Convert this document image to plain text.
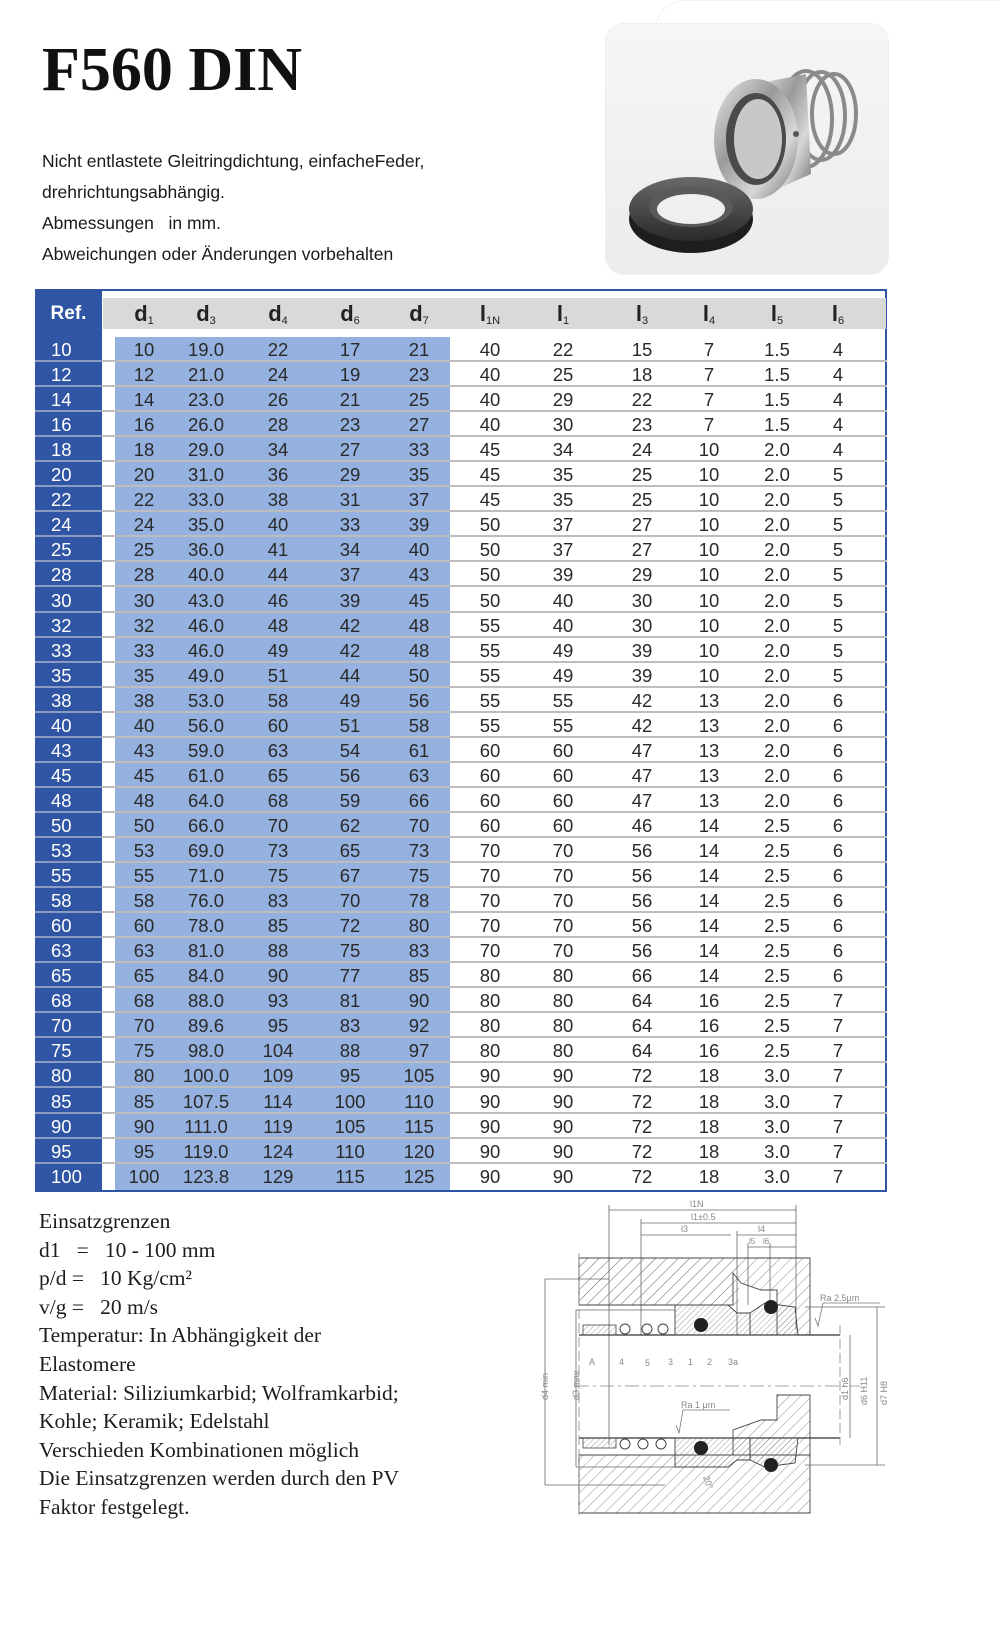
F560 DIN
Nicht entlastete Gleitringdichtung, einfacheFeder,
drehrichtungsabhängig.
Abmessungen   in mm.
Abweichungen oder Änderungen vorbehalten
Ref.	$d_1$	$d_3$	$d_4$	$d_6$	$d_7$	$l_{1N}$	$l_1$	$l_3$	$l_4$	$l_5$	$l_6$
10	10	19.0	22	17	21	40	22	15	7	1.5	4
12	12	21.0	24	19	23	40	25	18	7	1.5	4
14	14	23.0	26	21	25	40	29	22	7	1.5	4
16	16	26.0	28	23	27	40	30	23	7	1.5	4
18	18	29.0	34	27	33	45	34	24	10	2.0	4
20	20	31.0	36	29	35	45	35	25	10	2.0	5
22	22	33.0	38	31	37	45	35	25	10	2.0	5
24	24	35.0	40	33	39	50	37	27	10	2.0	5
25	25	36.0	41	34	40	50	37	27	10	2.0	5
28	28	40.0	44	37	43	50	39	29	10	2.0	5
30	30	43.0	46	39	45	50	40	30	10	2.0	5
32	32	46.0	48	42	48	55	40	30	10	2.0	5
33	33	46.0	49	42	48	55	49	39	10	2.0	5
35	35	49.0	51	44	50	55	49	39	10	2.0	5
38	38	53.0	58	49	56	55	55	42	13	2.0	6
40	40	56.0	60	51	58	55	55	42	13	2.0	6
43	43	59.0	63	54	61	60	60	47	13	2.0	6
45	45	61.0	65	56	63	60	60	47	13	2.0	6
48	48	64.0	68	59	66	60	60	47	13	2.0	6
50	50	66.0	70	62	70	60	60	46	14	2.5	6
53	53	69.0	73	65	73	70	70	56	14	2.5	6
55	55	71.0	75	67	75	70	70	56	14	2.5	6
58	58	76.0	83	70	78	70	70	56	14	2.5	6
60	60	78.0	85	72	80	70	70	56	14	2.5	6
63	63	81.0	88	75	83	70	70	56	14	2.5	6
65	65	84.0	90	77	85	80	80	66	14	2.5	6
68	68	88.0	93	81	90	80	80	64	16	2.5	7
70	70	89.6	95	83	92	80	80	64	16	2.5	7
75	75	98.0	104	88	97	80	80	64	16	2.5	7
80	80	100.0	109	95	105	90	90	72	18	3.0	7
85	85	107.5	114	100	110	90	90	72	18	3.0	7
90	90	111.0	119	105	115	90	90	72	18	3.0	7
95	95	119.0	124	110	120	90	90	72	18	3.0	7
100	100	123.8	129	115	125	90	90	72	18	3.0	7
Einsatzgrenzen
d1   =   10 - 100 mm
p/d =   10 Kg/cm²
v/g =   20 m/s
Temperatur: In Abhängigkeit der
Elastomere
Material: Siliziumkarbid; Wolframkarbid;
Kohle; Keramik; Edelstahl
Verschieden Kombinationen möglich
Die Einsatzgrenzen werden durch den PV
Faktor festgelegt.
l1N
l1±0.5
l3	l4
l5 l6
A	4 5 3 1 2 3a
Ra 2.5μm
Ra 1 μm
d4 min d3 max	d1 h6 d6 H11 d7 H8
20°
